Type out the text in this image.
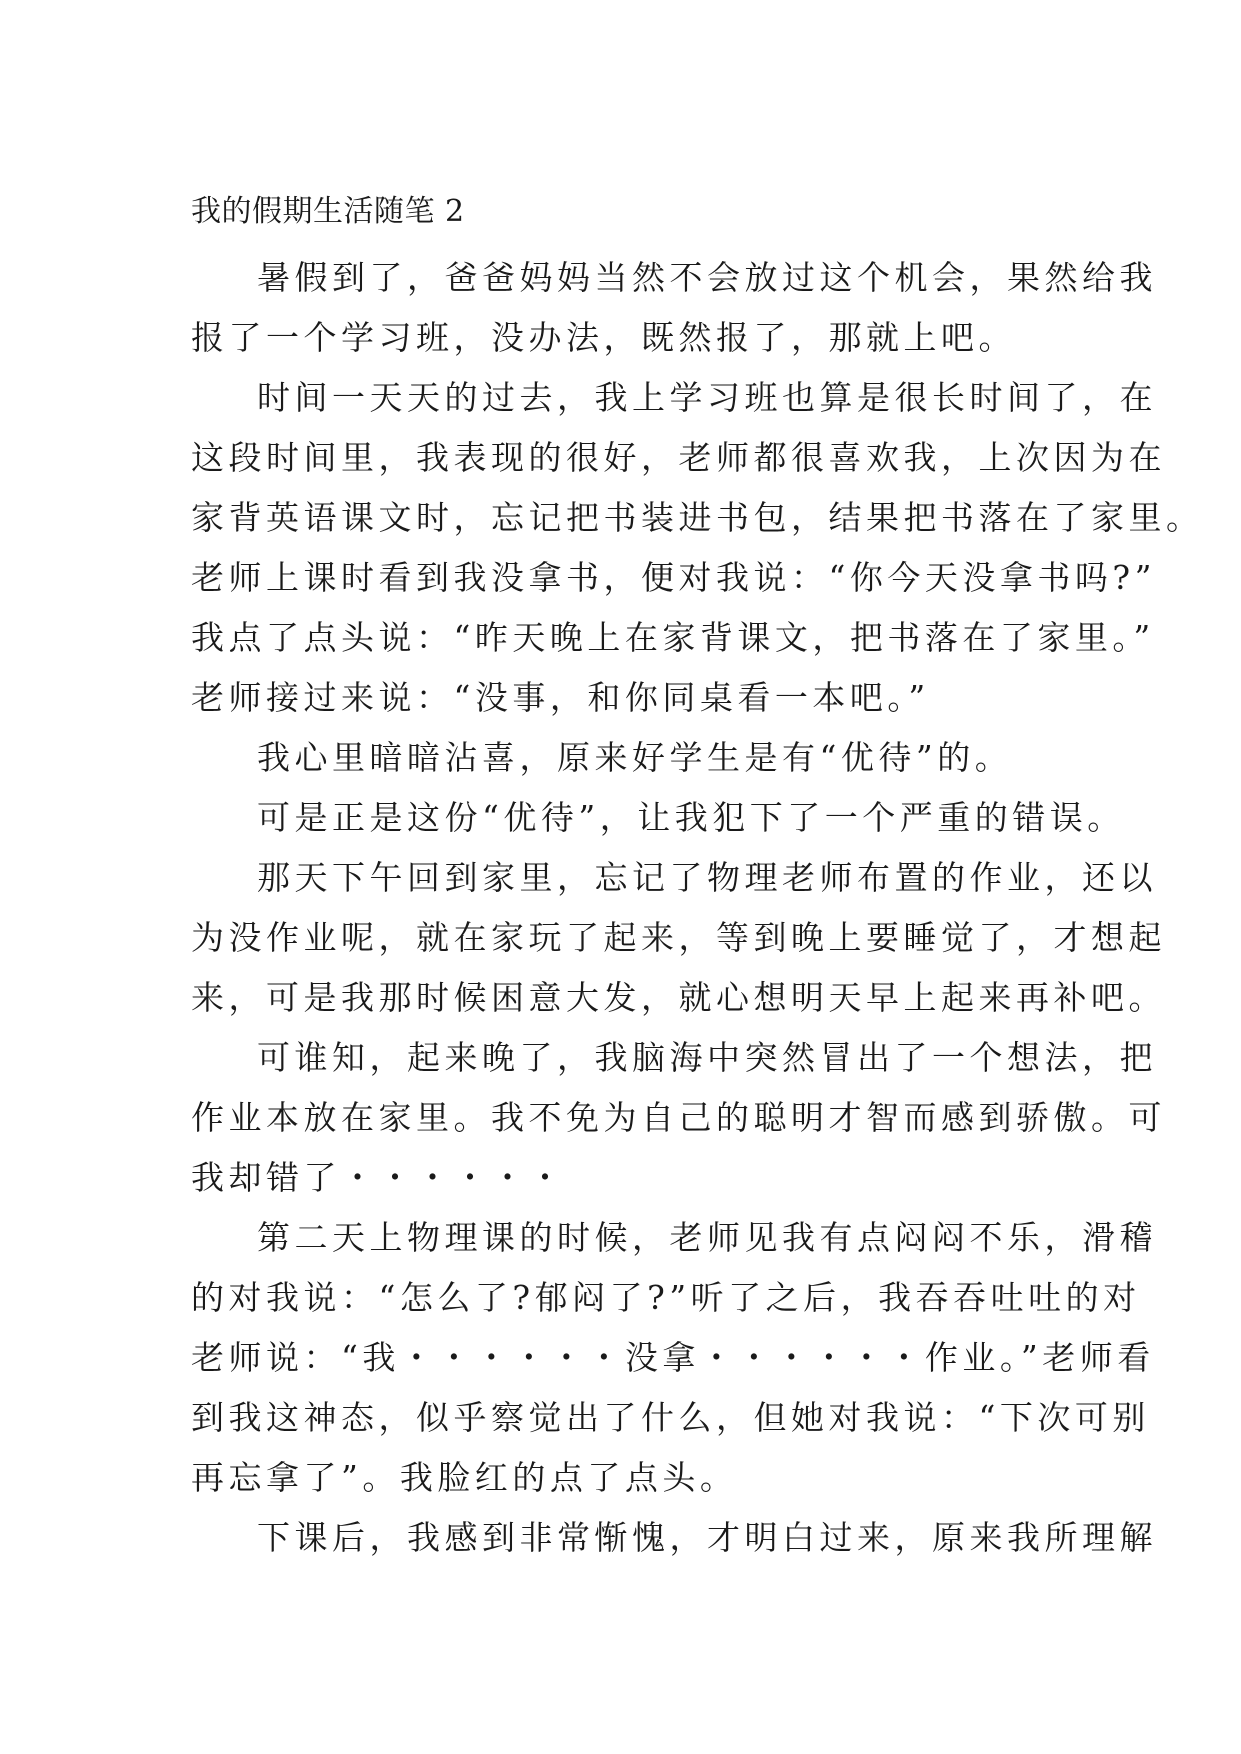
我的假期生活随笔 2
暑假到了，爸爸妈妈当然不会放过这个机会，果然给我
报了一个学习班，没办法，既然报了，那就上吧。
时间一天天的过去，我上学习班也算是很长时间了，在
这段时间里，我表现的很好，老师都很喜欢我，上次因为在
家背英语课文时，忘记把书装进书包，结果把书落在了家里。
老师上课时看到我没拿书，便对我说：“你今天没拿书吗?”
我点了点头说：“昨天晚上在家背课文，把书落在了家里。”
老师接过来说：“没事，和你同桌看一本吧。”
我心里暗暗沾喜，原来好学生是有“优待”的。
可是正是这份“优待”，让我犯下了一个严重的错误。
那天下午回到家里，忘记了物理老师布置的作业，还以
为没作业呢，就在家玩了起来，等到晚上要睡觉了，才想起
来，可是我那时候困意大发，就心想明天早上起来再补吧。
可谁知，起来晚了，我脑海中突然冒出了一个想法，把
作业本放在家里。我不免为自己的聪明才智而感到骄傲。可
我却错了・・・・・・
第二天上物理课的时候，老师见我有点闷闷不乐，滑稽
的对我说：“怎么了?郁闷了?”听了之后，我吞吞吐吐的对
老师说：“我・・・・・・没拿・・・・・・作业。”老师看
到我这神态，似乎察觉出了什么，但她对我说：“下次可别
再忘拿了”。我脸红的点了点头。
下课后，我感到非常惭愧，才明白过来，原来我所理解
